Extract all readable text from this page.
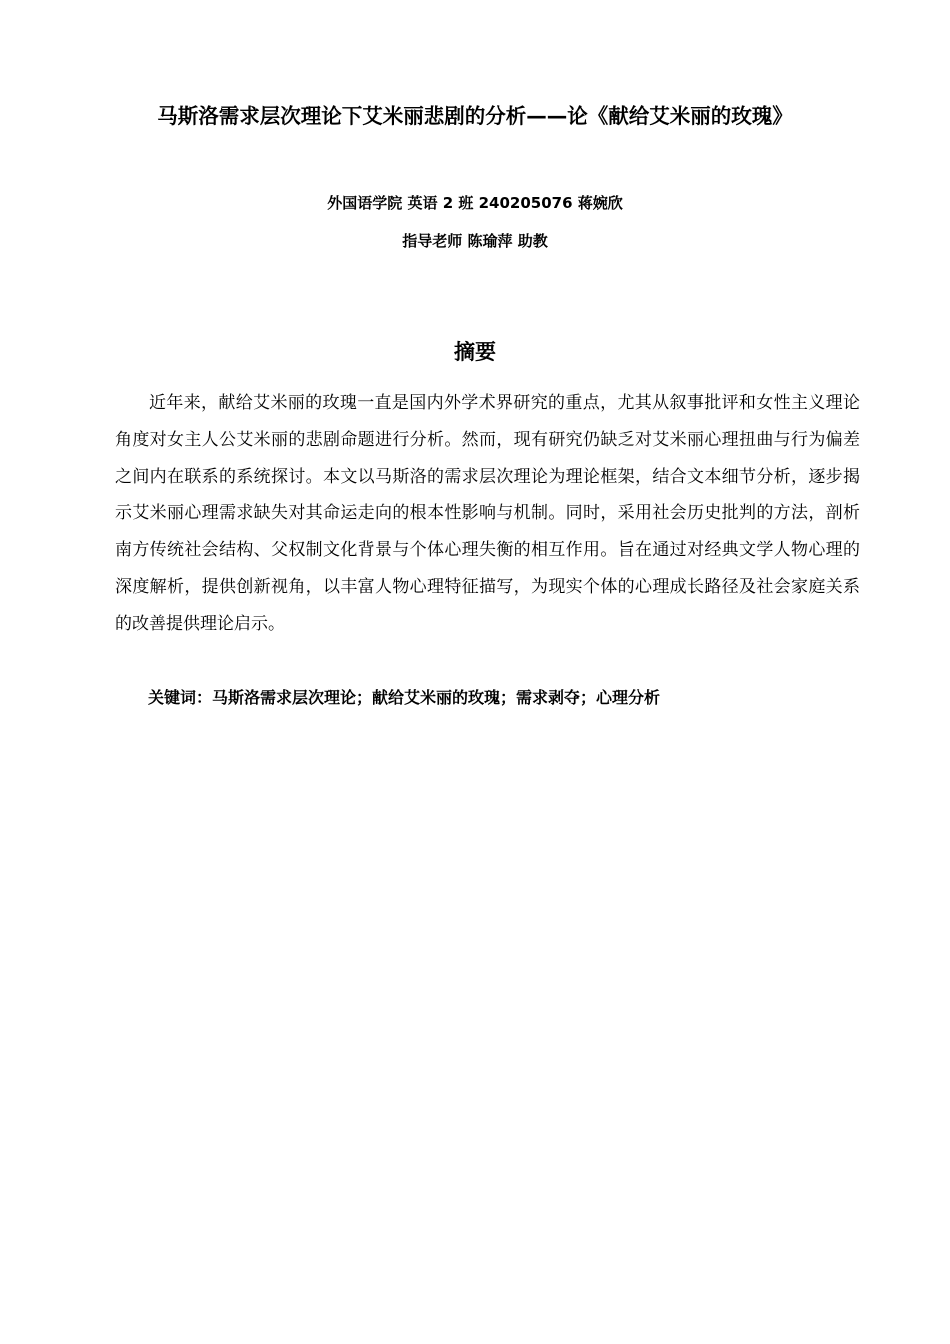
马斯洛需求层次理论下艾米丽悲剧的分析——论《献给艾米丽的玫瑰》
外国语学院 英语 2 班 240205076 蒋婉欣
指导老师 陈瑜萍 助教
摘要

近年来，献给艾米丽的玫瑰一直是国内外学术界研究的重点，尤其从叙事批评和女性主义理论角度对女主人公艾米丽的悲剧命题进行分析。然而，现有研究仍缺乏对艾米丽心理扭曲与行为偏差之间内在联系的系统探讨。本文以马斯洛的需求层次理论为理论框架，结合文本细节分析，逐步揭示艾米丽心理需求缺失对其命运走向的根本性影响与机制。同时，采用社会历史批判的方法，剖析南方传统社会结构、父权制文化背景与个体心理失衡的相互作用。旨在通过对经典文学人物心理的深度解析，提供创新视角，以丰富人物心理特征描写，为现实个体的心理成长路径及社会家庭关系的改善提供理论启示。

关键词：马斯洛需求层次理论；献给艾米丽的玫瑰；需求剥夺；心理分析
